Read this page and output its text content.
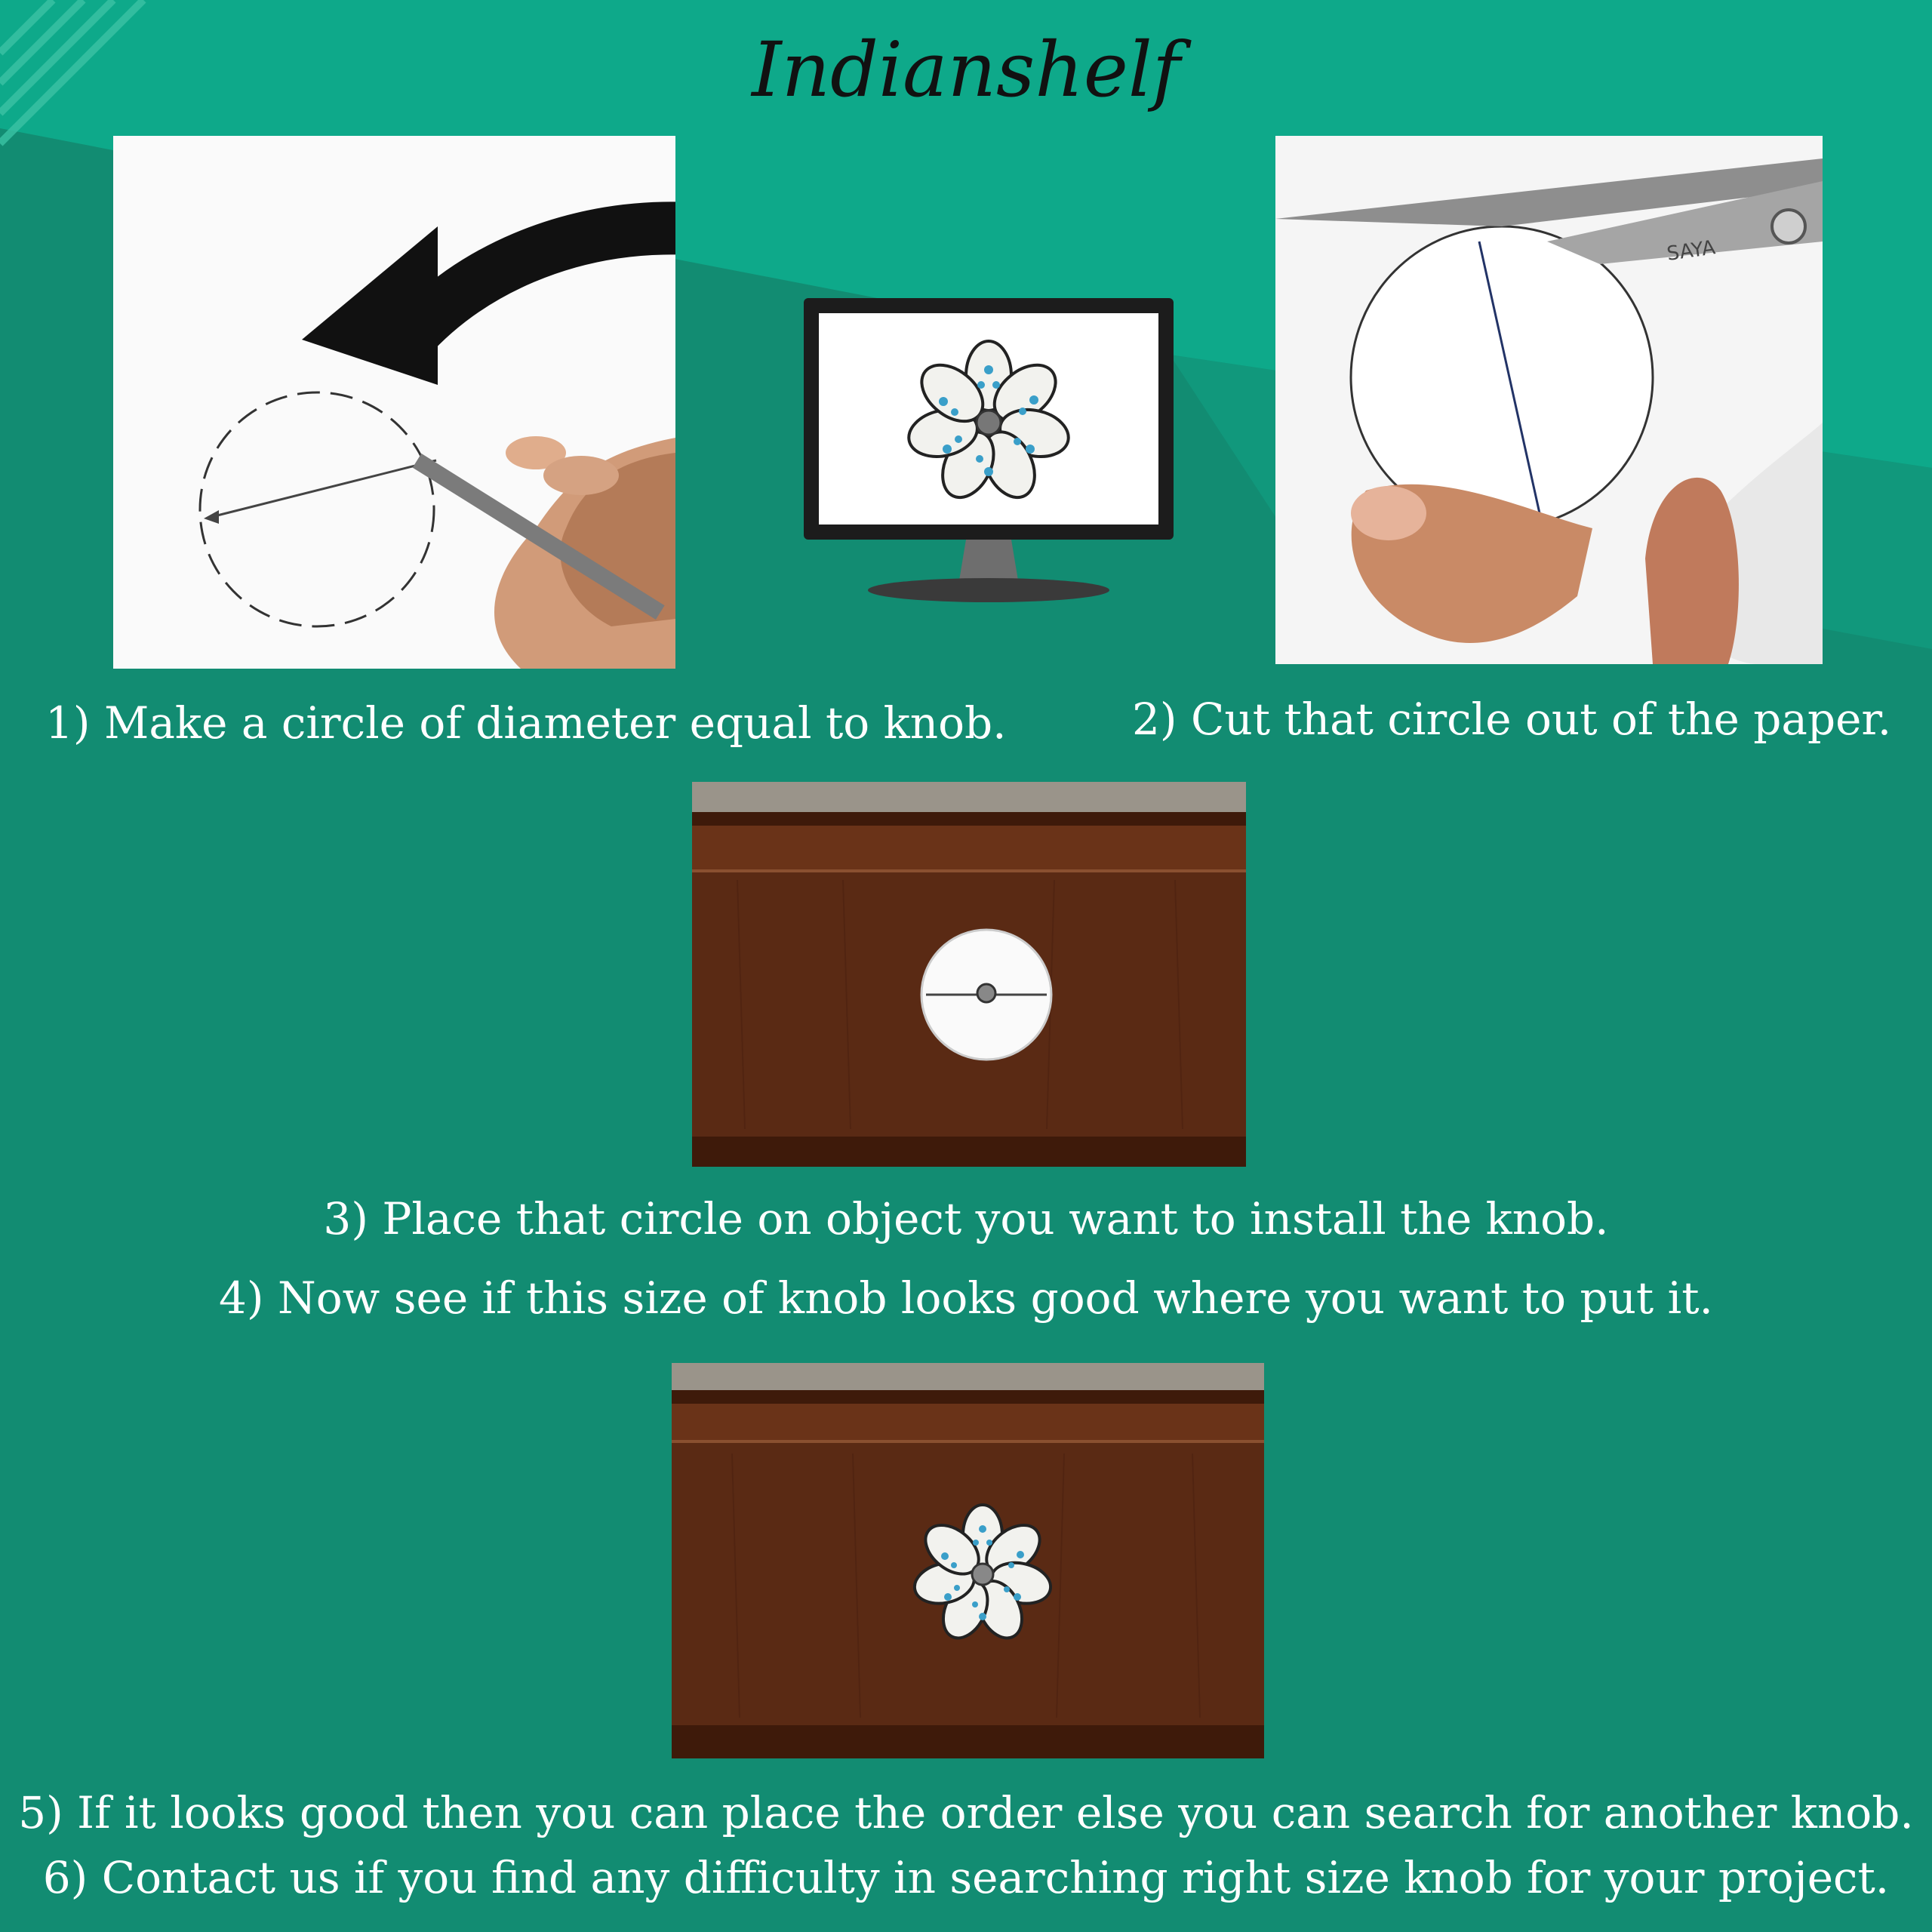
Indianshelf
SAYA
1) Make a circle of diameter equal to knob.	2) Cut that circle out of the paper.
3) Place that circle on object you want to install the knob.
4) Now see if this size of knob looks good where you want to put it.
5) If it looks good then you can place the order else you can search for another knob.
6) Contact us if you find any difficulty in searching right size knob for your project.
